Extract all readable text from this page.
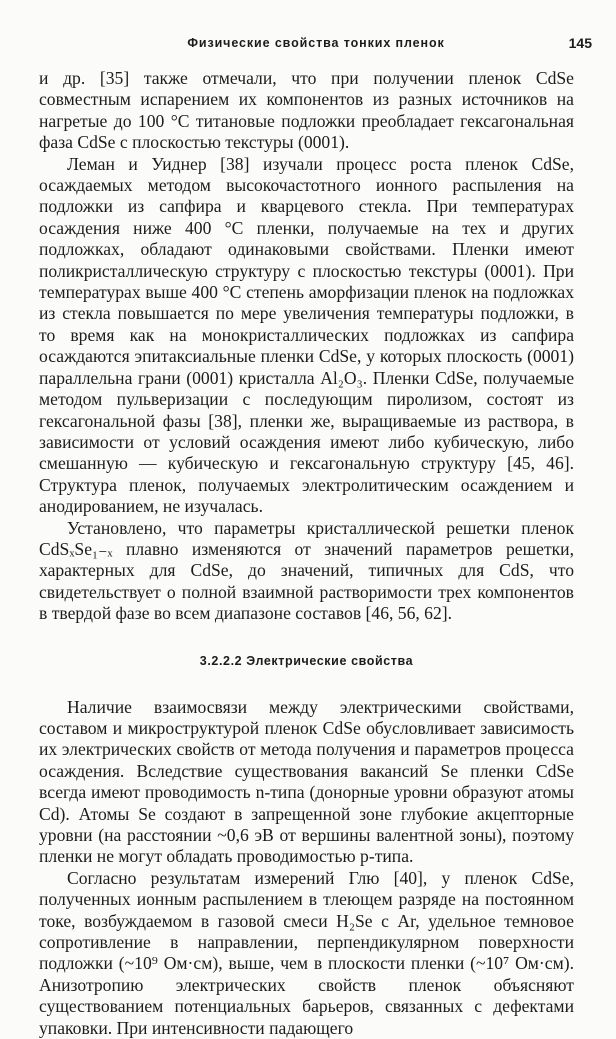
Физические свойства тонких пленок	145

и др. [35] также отмечали, что при получении пленок CdSe совместным испарением их компонентов из разных источников на нагретые до 100 °C титановые подложки преобладает гексагональная фаза CdSe с плоскостью текстуры (0001).

Леман и Уиднер [38] изучали процесс роста пленок CdSe, осаждаемых методом высокочастотного ионного распыления на подложки из сапфира и кварцевого стекла. При температурах осаждения ниже 400 °C пленки, получаемые на тех и других подложках, обладают одинаковыми свойствами. Пленки имеют поликристаллическую структуру с плоскостью текстуры (0001). При температурах выше 400 °C степень аморфизации пленок на подложках из стекла повышается по мере увеличения температуры подложки, в то время как на монокристаллических подложках из сапфира осаждаются эпитаксиальные пленки CdSe, у которых плоскость (0001) параллельна грани (0001) кристалла Al₂O₃. Пленки CdSe, получаемые методом пульверизации с последующим пиролизом, состоят из гексагональной фазы [38], пленки же, выращиваемые из раствора, в зависимости от условий осаждения имеют либо кубическую, либо смешанную — кубическую и гексагональную структуру [45, 46]. Структура пленок, получаемых электролитическим осаждением и анодированием, не изучалась.

Установлено, что параметры кристаллической решетки пленок CdSₓSe₁₋ₓ плавно изменяются от значений параметров решетки, характерных для CdSe, до значений, типичных для CdS, что свидетельствует о полной взаимной растворимости трех компонентов в твердой фазе во всем диапазоне составов [46, 56, 62].

3.2.2.2 Электрические свойства

Наличие взаимосвязи между электрическими свойствами, составом и микроструктурой пленок CdSe обусловливает зависимость их электрических свойств от метода получения и параметров процесса осаждения. Вследствие существования вакансий Se пленки CdSe всегда имеют проводимость n-типа (донорные уровни образуют атомы Cd). Атомы Se создают в запрещенной зоне глубокие акцепторные уровни (на расстоянии ~0,6 эВ от вершины валентной зоны), поэтому пленки не могут обладать проводимостью p-типа.

Согласно результатам измерений Глю [40], у пленок CdSe, полученных ионным распылением в тлеющем разряде на постоянном токе, возбуждаемом в газовой смеси H₂Se с Ar, удельное темновое сопротивление в направлении, перпендикулярном поверхности подложки (~10⁹ Ом·см), выше, чем в плоскости пленки (~10⁷ Ом·см). Анизотропию электрических свойств пленок объясняют существованием потенциальных барьеров, связанных с дефектами упаковки. При интенсивности падающего
